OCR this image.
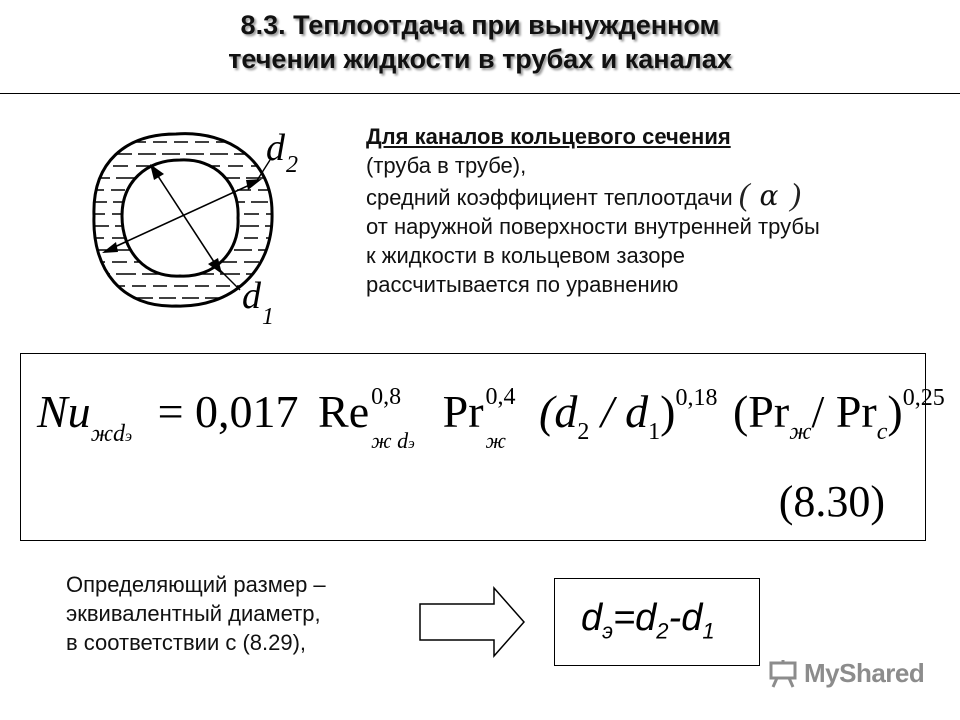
8.3. Теплоотдача при вынужденном
течении жидкости в трубах и каналах
d 2
d 1
Для каналов кольцевого сечения
(труба в трубе),
средний коэффициент теплоотдачи ( α )
от наружной поверхности внутренней трубы
к жидкости в кольцевом зазоре
рассчитывается по уравнению
$Nu_{жdэ} = 0,017$ Re 0,8
ж dэ
Pr 0,4
ж
$(d_2 / d_1)^{0,18}$ ($Pr_ж/$ $Pr_c)^{0,25}$
(8.30)
Определяющий размер –
эквивалентный диаметр,
в соответствии с (8.29),
$d_э=d_2-d_1$
MyShared
